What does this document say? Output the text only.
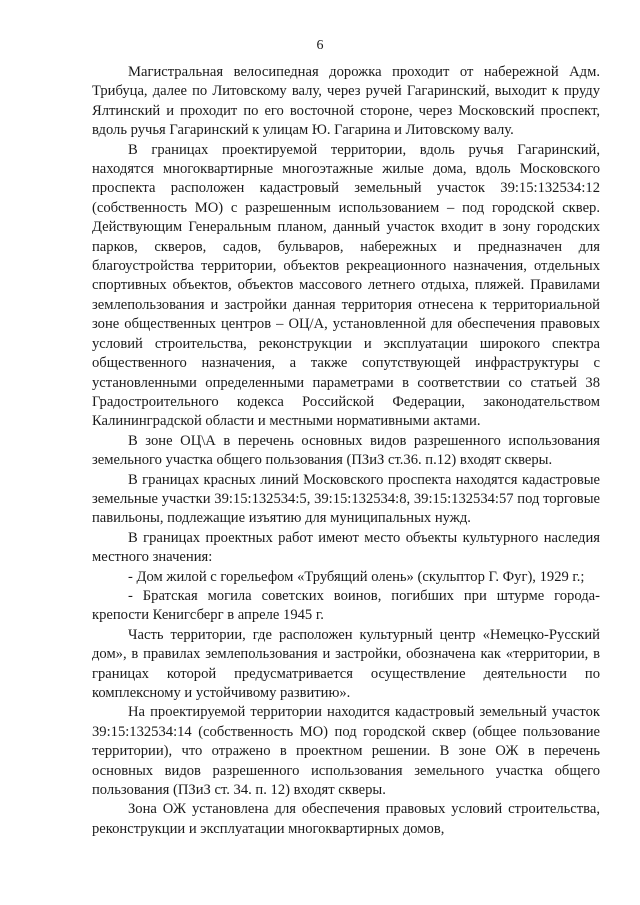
6

Магистральная велосипедная дорожка проходит от набережной Адм. Трибуца, далее по Литовскому валу, через ручей Гагаринский, выходит к пруду Ялтинский и проходит по его восточной стороне, через Московский проспект, вдоль ручья Гагаринский к улицам Ю. Гагарина и Литовскому валу.

В границах проектируемой территории, вдоль ручья Гагаринский, находятся многоквартирные многоэтажные жилые дома, вдоль Московского проспекта расположен кадастровый земельный участок 39:15:132534:12 (собственность МО) с разрешенным использованием – под городской сквер. Действующим Генеральным планом, данный участок входит в зону городских парков, скверов, садов, бульваров, набережных и предназначен для благоустройства территории, объектов рекреационного назначения, отдельных спортивных объектов, объектов массового летнего отдыха, пляжей. Правилами землепользования и застройки данная территория отнесена к территориальной зоне общественных центров – ОЦ/А, установленной для обеспечения правовых условий строительства, реконструкции и эксплуатации широкого спектра общественного назначения, а также сопутствующей инфраструктуры с установленными определенными параметрами в соответствии со статьей 38 Градостроительного кодекса Российской Федерации, законодательством Калининградской области и местными нормативными актами.

В зоне ОЦ\А в перечень основных видов разрешенного использования земельного участка общего пользования (ПЗиЗ ст.36. п.12) входят скверы.

В границах красных линий Московского проспекта находятся кадастровые земельные участки 39:15:132534:5, 39:15:132534:8, 39:15:132534:57 под торговые павильоны, подлежащие изъятию для муниципальных нужд.

В границах проектных работ имеют место объекты культурного наследия местного значения:

- Дом жилой с горельефом «Трубящий олень» (скульптор Г. Фуг), 1929 г.;

- Братская могила советских воинов, погибших при штурме города-крепости Кенигсберг в апреле 1945 г.

Часть территории, где расположен культурный центр «Немецко-Русский дом», в правилах землепользования и застройки, обозначена как «территории, в границах которой предусматривается осуществление деятельности по комплексному и устойчивому развитию».

На проектируемой территории находится кадастровый земельный участок 39:15:132534:14 (собственность МО) под городской сквер (общее пользование территории), что отражено в проектном решении. В зоне ОЖ в перечень основных видов разрешенного использования земельного участка общего пользования (ПЗиЗ ст. 34. п. 12) входят скверы.

Зона ОЖ установлена для обеспечения правовых условий строительства, реконструкции и эксплуатации многоквартирных домов,
